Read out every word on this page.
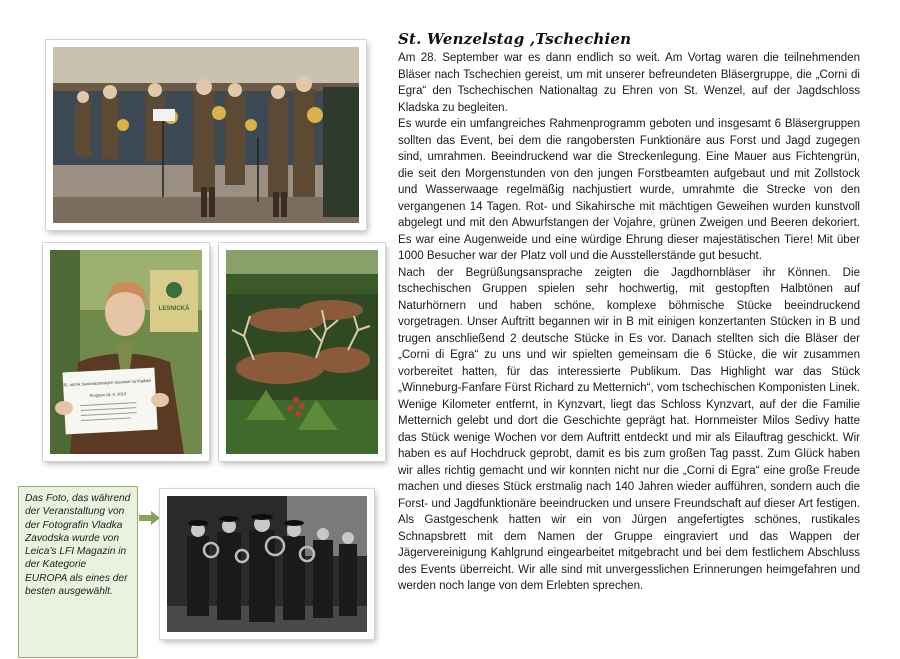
LESNICKÁ
35. ročník Svatováclavských slavností na Kladské
Program 28. 9. 2019
Das Foto, das während der Veranstaltung von der Fotografin Vladka Zavodska wurde von Leica’s LFI Magazin in der Kategorie EUROPA als eines der besten ausgewählt.
St. Wenzelstag ,Tschechien

Am 28. September war es dann endlich so weit. Am Vortag waren die teilnehmenden Bläser nach Tschechien gereist, um mit unserer befreundeten Bläsergruppe, die „Corni di Egra“ den Tschechischen Nationaltag zu Ehren von St. Wenzel, auf der Jagdschloss Kladska zu begleiten.

Es wurde ein umfangreiches Rahmenprogramm geboten und insgesamt 6 Bläsergruppen sollten das Event, bei dem die rangobersten Funktionäre aus Forst und Jagd zugegen sind, umrahmen. Beeindruckend war die Streckenlegung. Eine Mauer aus Fichtengrün, die seit den Morgenstunden von den jungen Forstbeamten aufgebaut und mit Zollstock und Wasserwaage regelmäßig nachjustiert wurde, umrahmte die Strecke von den vergangenen 14 Tagen. Rot- und Sikahirsche mit mächtigen Geweihen wurden kunstvoll abgelegt und mit den Abwurfstangen der Vojahre, grünen Zweigen und Beeren dekoriert. Es war eine Augenweide und eine würdige Ehrung dieser majestätischen Tiere! Mit über 1000 Besucher war der Platz voll und die Ausstellerstände gut besucht.

Nach der Begrüßungsansprache zeigten die Jagdhornbläser ihr Können. Die tschechischen Gruppen spielen sehr hochwertig, mit gestopften Halbtönen auf Naturhörnern und haben schöne, komplexe böhmische Stücke beeindruckend vorgetragen. Unser Auftritt begannen wir in B mit einigen konzertanten Stücken in B und trugen anschließend 2 deutsche Stücke in Es vor. Danach stellten sich die Bläser der „Corni di Egra“ zu uns und wir spielten gemeinsam die 6 Stücke, die wir zusammen vorbereitet hatten, für das interessierte Publikum. Das Highlight war das Stück „Winneburg-Fanfare Fürst Richard zu Metternich“, vom tschechischen Komponisten Linek. Wenige Kilometer entfernt, in Kynzvart, liegt das Schloss Kynzvart, auf der die Familie Metternich gelebt und dort die Geschichte geprägt hat. Hornmeister Milos Sedivy hatte das Stück wenige Wochen vor dem Auftritt entdeckt und mir als Eilauftrag geschickt. Wir haben es auf Hochdruck geprobt, damit es bis zum großen Tag passt. Zum Glück haben wir alles richtig gemacht und wir konnten nicht nur die „Corni di Egra“ eine große Freude machen und dieses Stück erstmalig nach 140 Jahren wieder aufführen, sondern auch die Forst- und Jagdfunktionäre beeindrucken und unsere Freundschaft auf dieser Art festigen. Als Gastgeschenk hatten wir ein von Jürgen angefertigtes schönes, rustikales Schnapsbrett mit dem Namen der Gruppe eingraviert und das Wappen der Jägervereinigung Kahlgrund eingearbeitet mitgebracht und bei dem festlichem Abschluss des Events überreicht. Wir alle sind mit unvergesslichen Erinnerungen heimgefahren und werden noch lange von dem Erlebten sprechen.
